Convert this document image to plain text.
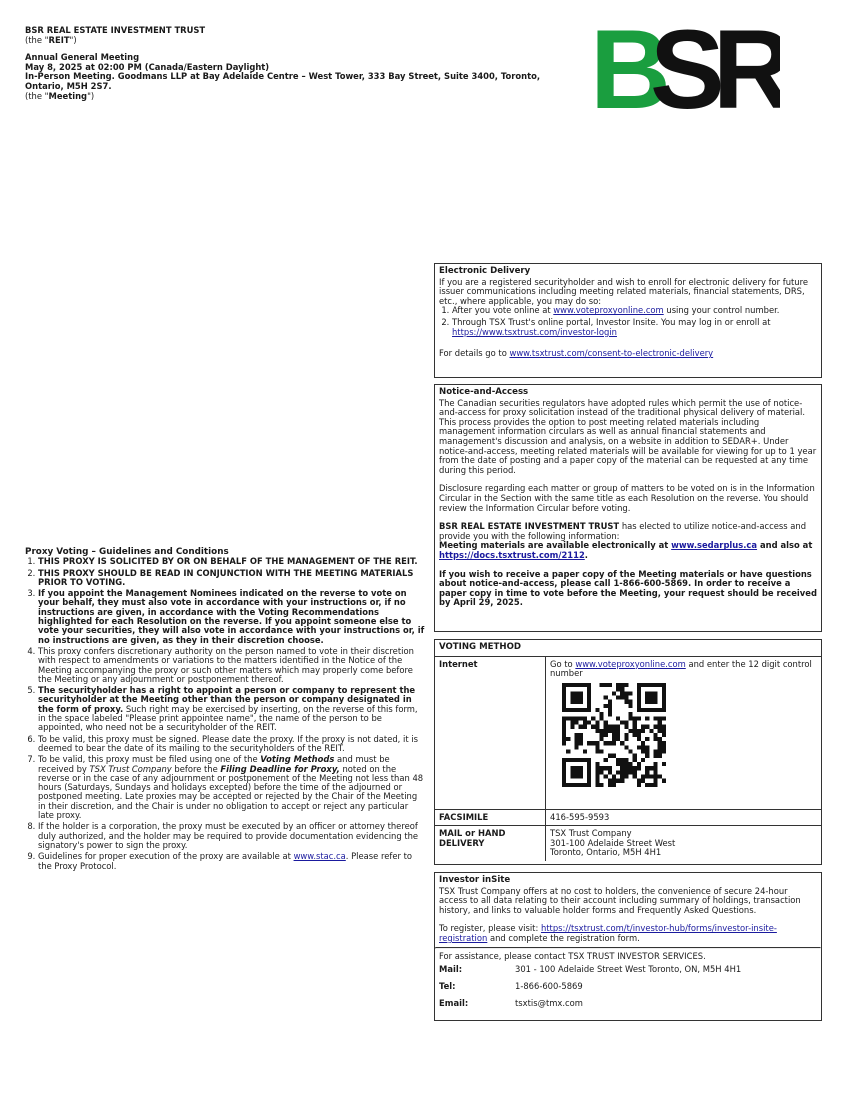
BSR REAL ESTATE INVESTMENT TRUST
(the "REIT")
Annual General Meeting
May 8, 2025 at 02:00 PM (Canada/Eastern Daylight)
In-Person Meeting. Goodmans LLP at Bay Adelaide Centre – West Tower, 333 Bay Street, Suite 3400, Toronto, Ontario, M5H 2S7.
(the "Meeting")	B
SR
Electronic Delivery

If you are a registered securityholder and wish to enroll for electronic delivery for future issuer communications including meeting related materials, financial statements, DRS, etc., where applicable, you may do so:

1. After you vote online at www.voteproxyonline.com using your control number.
2. Through TSX Trust's online portal, Investor Insite. You may log in or enroll at
https://www.tsxtrust.com/investor-login

For details go to www.tsxtrust.com/consent-to-electronic-delivery

Notice-and-Access

The Canadian securities regulators have adopted rules which permit the use of notice-and-access for proxy solicitation instead of the traditional physical delivery of material. This process provides the option to post meeting related materials including management information circulars as well as annual financial statements and management's discussion and analysis, on a website in addition to SEDAR+. Under notice-and-access, meeting related materials will be available for viewing for up to 1 year from the date of posting and a paper copy of the material can be requested at any time during this period.

Disclosure regarding each matter or group of matters to be voted on is in the Information Circular in the Section with the same title as each Resolution on the reverse. You should review the Information Circular before voting.

BSR REAL ESTATE INVESTMENT TRUST has elected to utilize notice-and-access and provide you with the following information:

Meeting materials are available electronically at www.sedarplus.ca and also at https://docs.tsxtrust.com/2112.

If you wish to receive a paper copy of the Meeting materials or have questions about notice-and-access, please call 1-866-600-5869. In order to receive a paper copy in time to vote before the Meeting, your request should be received by April 29, 2025.

VOTING METHOD
Internet	Go to www.voteproxyonline.com and enter the 12 digit control number
FACSIMILE	416-595-9593
MAIL or HAND DELIVERY
TSX Trust Company
301-100 Adelaide Street West
Toronto, Ontario, M5H 4H1
Investor inSite

TSX Trust Company offers at no cost to holders, the convenience of secure 24-hour access to all data relating to their account including summary of holdings, transaction history, and links to valuable holder forms and Frequently Asked Questions.

To register, please visit: https://tsxtrust.com/t/investor-hub/forms/investor-insite-registration and complete the registration form.

For assistance, please contact TSX TRUST INVESTOR SERVICES.
Mail:	301 - 100 Adelaide Street West Toronto, ON, M5H 4H1
Tel:	1-866-600-5869
Email:	tsxtis@tmx.com
Proxy Voting – Guidelines and Conditions
1. THIS PROXY IS SOLICITED BY OR ON BEHALF OF THE MANAGEMENT OF THE REIT.
2. THIS PROXY SHOULD BE READ IN CONJUNCTION WITH THE MEETING MATERIALS PRIOR TO VOTING.
3. If you appoint the Management Nominees indicated on the reverse to vote on your behalf, they must also vote in accordance with your instructions or, if no instructions are given, in accordance with the Voting Recommendations highlighted for each Resolution on the reverse. If you appoint someone else to vote your securities, they will also vote in accordance with your instructions or, if no instructions are given, as they in their discretion choose.
4. This proxy confers discretionary authority on the person named to vote in their discretion with respect to amendments or variations to the matters identified in the Notice of the Meeting accompanying the proxy or such other matters which may properly come before the Meeting or any adjournment or postponement thereof.
5. The securityholder has a right to appoint a person or company to represent the securityholder at the Meeting other than the person or company designated in the form of proxy. Such right may be exercised by inserting, on the reverse of this form, in the space labeled "Please print appointee name", the name of the person to be appointed, who need not be a securityholder of the REIT.
6. To be valid, this proxy must be signed. Please date the proxy. If the proxy is not dated, it is deemed to bear the date of its mailing to the securityholders of the REIT.
7. To be valid, this proxy must be filed using one of the Voting Methods and must be received by TSX Trust Company before the Filing Deadline for Proxy, noted on the reverse or in the case of any adjournment or postponement of the Meeting not less than 48 hours (Saturdays, Sundays and holidays excepted) before the time of the adjourned or postponed meeting. Late proxies may be accepted or rejected by the Chair of the Meeting in their discretion, and the Chair is under no obligation to accept or reject any particular late proxy.
8. If the holder is a corporation, the proxy must be executed by an officer or attorney thereof duly authorized, and the holder may be required to provide documentation evidencing the signatory's power to sign the proxy.
9. Guidelines for proper execution of the proxy are available at www.stac.ca. Please refer to the Proxy Protocol.
